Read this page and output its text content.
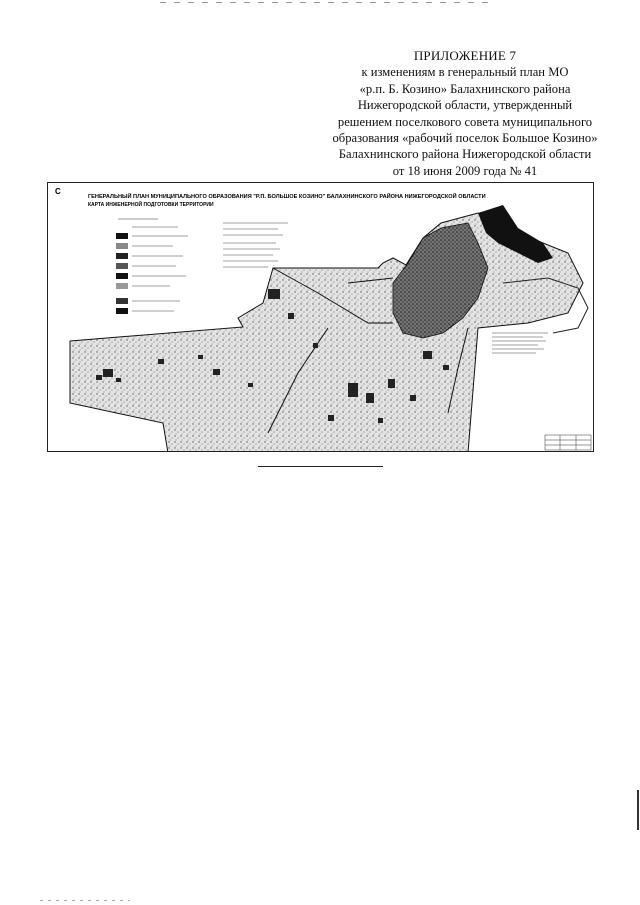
ПРИЛОЖЕНИЕ 7
к изменениям в генеральный план МО
«р.п. Б. Козино» Балахнинского района
Нижегородской области, утвержденный
решением поселкового совета муниципального
образования «рабочий поселок Большое Козино»
Балахнинского района Нижегородской области
от 18 июня 2009 года № 41
С
ГЕНЕРАЛЬНЫЙ ПЛАН МУНИЦИПАЛЬНОГО ОБРАЗОВАНИЯ "Р.П. БОЛЬШОЕ КОЗИНО" БАЛАХНИНСКОГО РАЙОНА НИЖЕГОРОДСКОЙ ОБЛАСТИ
КАРТА ИНЖЕНЕРНОЙ ПОДГОТОВКИ ТЕРРИТОРИИ
